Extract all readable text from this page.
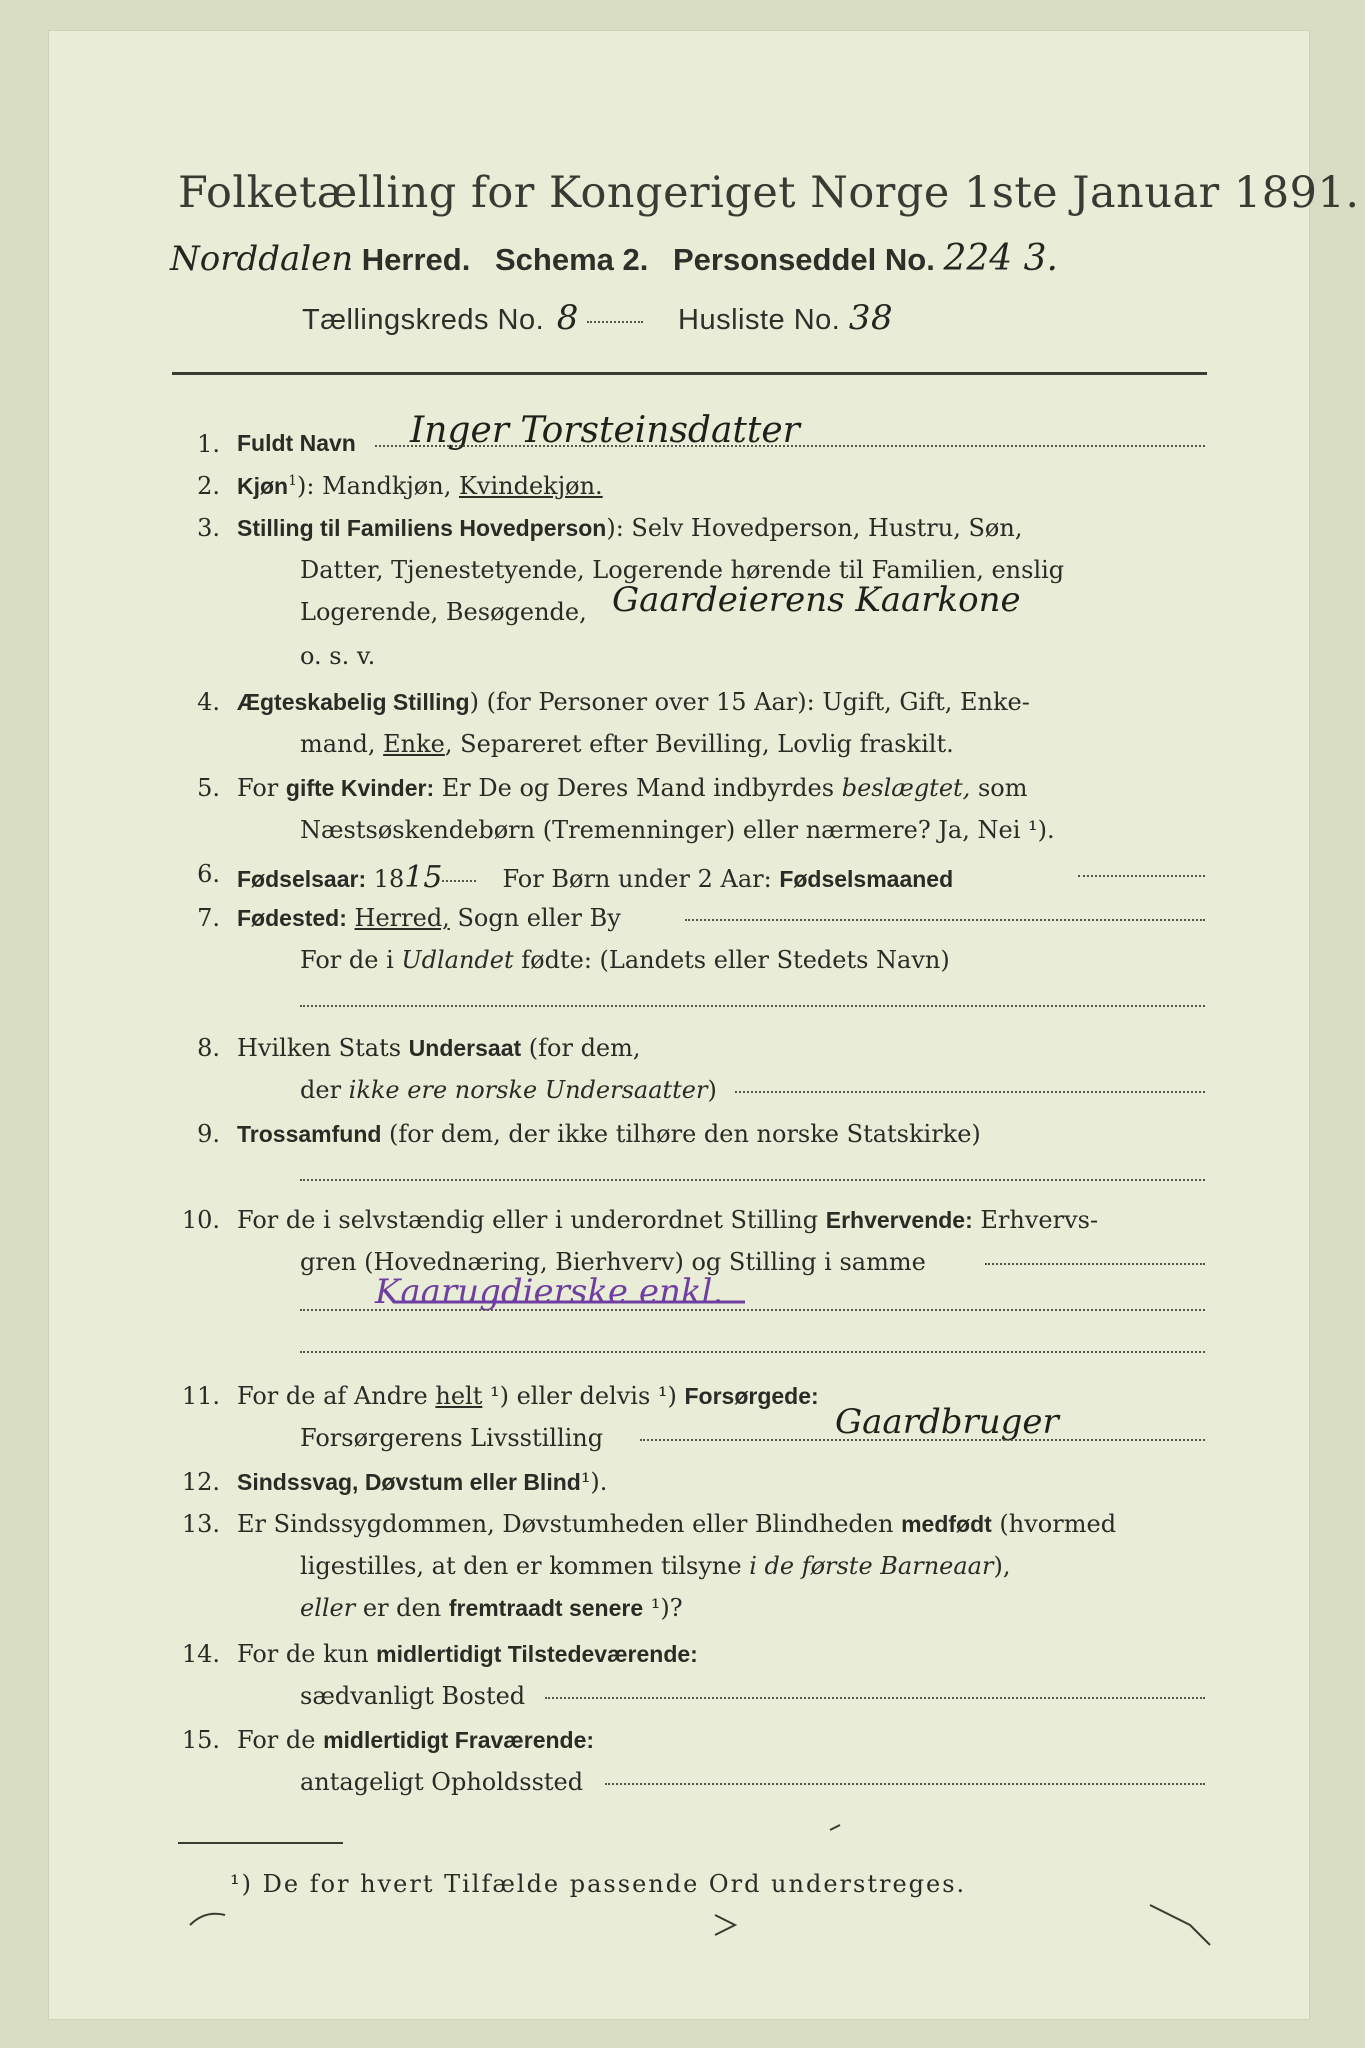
Folketælling for Kongeriget Norge 1ste Januar 1891.
Norddalen Herred. Schema 2. Personseddel No. 224 3.
Tællingskreds No. 8	Husliste No. 38
1. Fuldt Navn Inger Torsteinsdatter
2. Kjøn$^1$): Mandkjøn, Kvindekjøn.
3. Stilling til Familiens Hovedperson): Selv Hovedperson, Hustru, Søn,
Datter, Tjenestetyende, Logerende hørende til Familien, enslig
Logerende, Besøgende, Gaardeierens Kaarkone
o. s. v.
4. Ægteskabelig Stilling) (for Personer over 15 Aar): Ugift, Gift, Enke-
mand, Enke, Separeret efter Bevilling, Lovlig fraskilt.
5. For gifte Kvinder: Er De og Deres Mand indbyrdes beslægtet, som
Næstsøskendebørn (Tremenninger) eller nærmere? Ja, Nei ¹).
6. Fødselsaar: 1815	For Børn under 2 Aar: Fødselsmaaned
7. Fødested: Herred, Sogn eller By
For de i Udlandet fødte: (Landets eller Stedets Navn)
8. Hvilken Stats Undersaat (for dem,
der ikke ere norske Undersaatter)
9. Trossamfund (for dem, der ikke tilhøre den norske Statskirke)
10. For de i selvstændig eller i underordnet Stilling Erhvervende: Erhvervs-
gren (Hovednæring, Bierhverv) og Stilling i samme
Kaarugdierske enkl.
11. For de af Andre helt ¹) eller delvis ¹) Forsørgede:
Forsørgerens Livsstilling	Gaardbruger
12. Sindssvag, Døvstum eller Blind¹).
13. Er Sindssygdommen, Døvstumheden eller Blindheden medfødt (hvormed
ligestilles, at den er kommen tilsyne i de første Barneaar),
eller er den fremtraadt senere ¹)?
14. For de kun midlertidigt Tilstedeværende:
sædvanligt Bosted
15. For de midlertidigt Fraværende:
antageligt Opholdssted
¹) De for hvert Tilfælde passende Ord understreges.
